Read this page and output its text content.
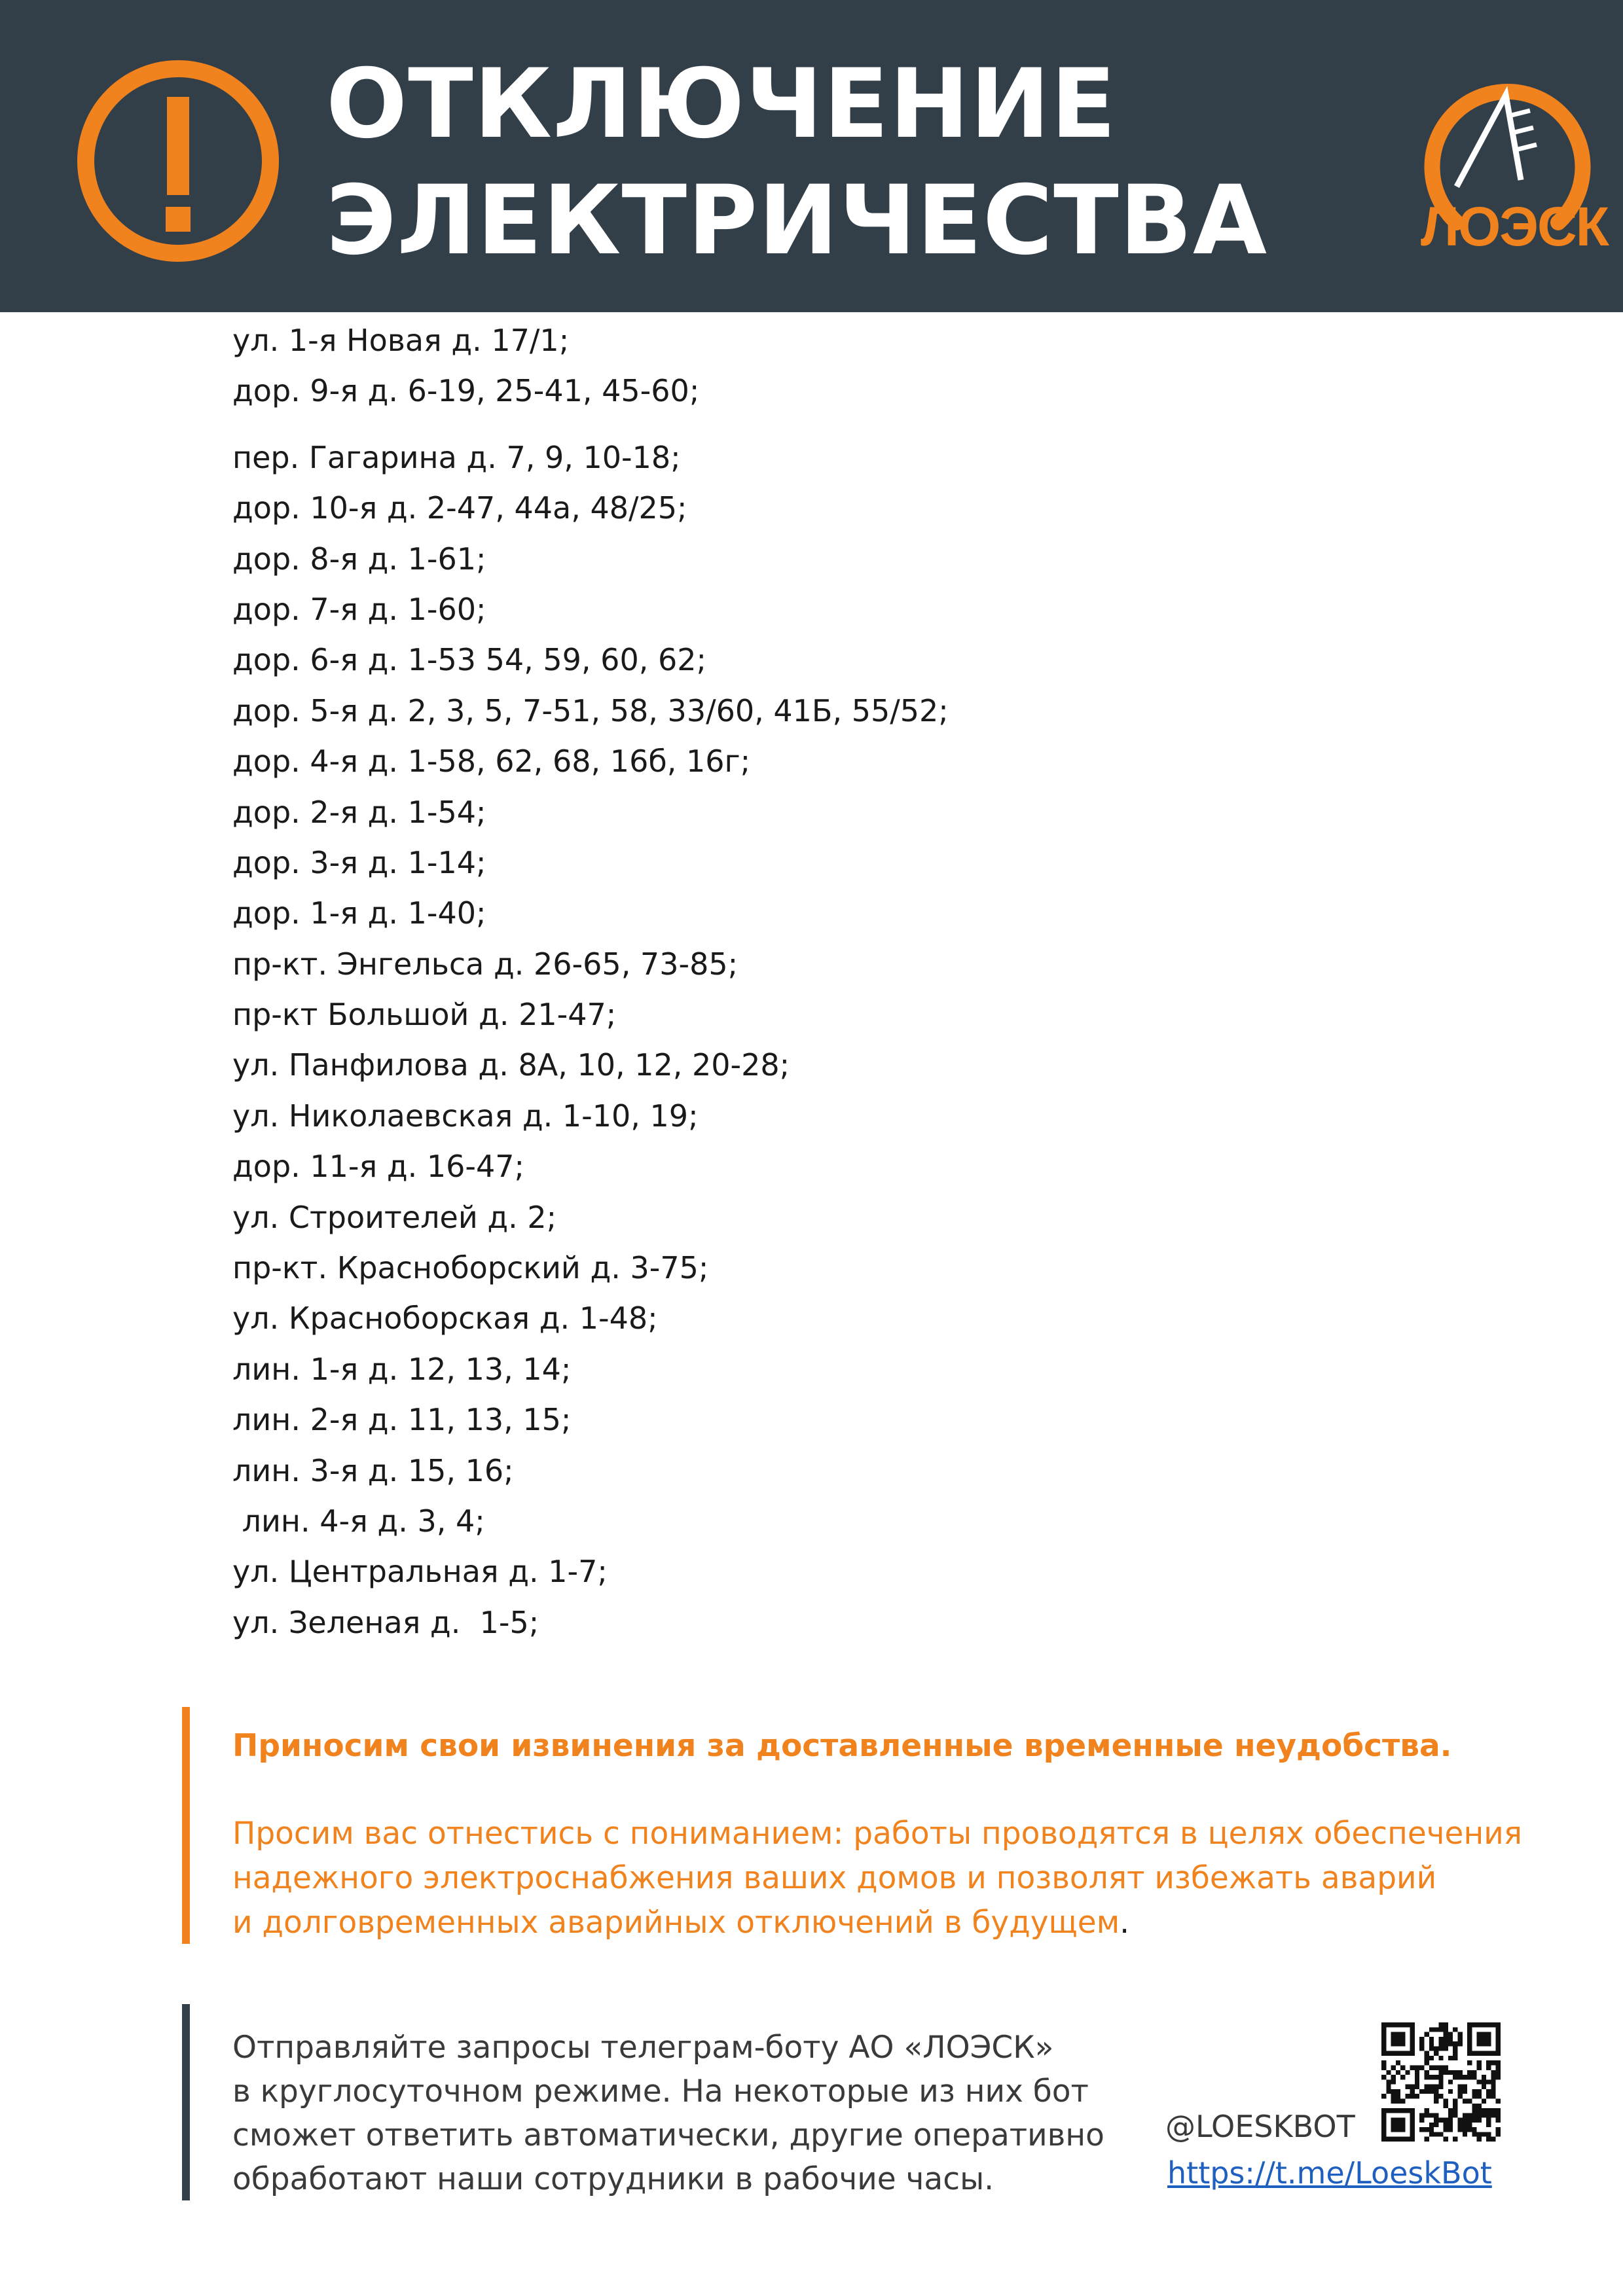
ОТКЛЮЧЕНИЕ
ЭЛЕКТРИЧЕСТВА	ЛОЭСК
ул. 1-я Новая д. 17/1;
дор. 9-я д. 6-19, 25-41, 45-60;
пер. Гагарина д. 7, 9, 10-18;
дор. 10-я д. 2-47, 44а, 48/25;
дор. 8-я д. 1-61;
дор. 7-я д. 1-60;
дор. 6-я д. 1-53 54, 59, 60, 62;
дор. 5-я д. 2, 3, 5, 7-51, 58, 33/60, 41Б, 55/52;
дор. 4-я д. 1-58, 62, 68, 16б, 16г;
дор. 2-я д. 1-54;
дор. 3-я д. 1-14;
дор. 1-я д. 1-40;
пр-кт. Энгельса д. 26-65, 73-85;
пр-кт Большой д. 21-47;
ул. Панфилова д. 8А, 10, 12, 20-28;
ул. Николаевская д. 1-10, 19;
дор. 11-я д. 16-47;
ул. Строителей д. 2;
пр-кт. Красноборский д. 3-75;
ул. Красноборская д. 1-48;
лин. 1-я д. 12, 13, 14;
лин. 2-я д. 11, 13, 15;
лин. 3-я д. 15, 16;
лин. 4-я д. 3, 4;
ул. Центральная д. 1-7;
ул. Зеленая д.  1-5;
Приносим свои извинения за доставленные временные неудобства.
Просим вас отнестись с пониманием: работы проводятся в целях обеспечения
надежного электроснабжения ваших домов и позволят избежать аварий
и долговременных аварийных отключений в будущем.
Отправляйте запросы телеграм-боту АО «ЛОЭСК»
в круглосуточном режиме. На некоторые из них бот
сможет ответить автоматически, другие оперативно
обработают наши сотрудники в рабочие часы.
@LOESKBOT
https://t.me/LoeskBot
